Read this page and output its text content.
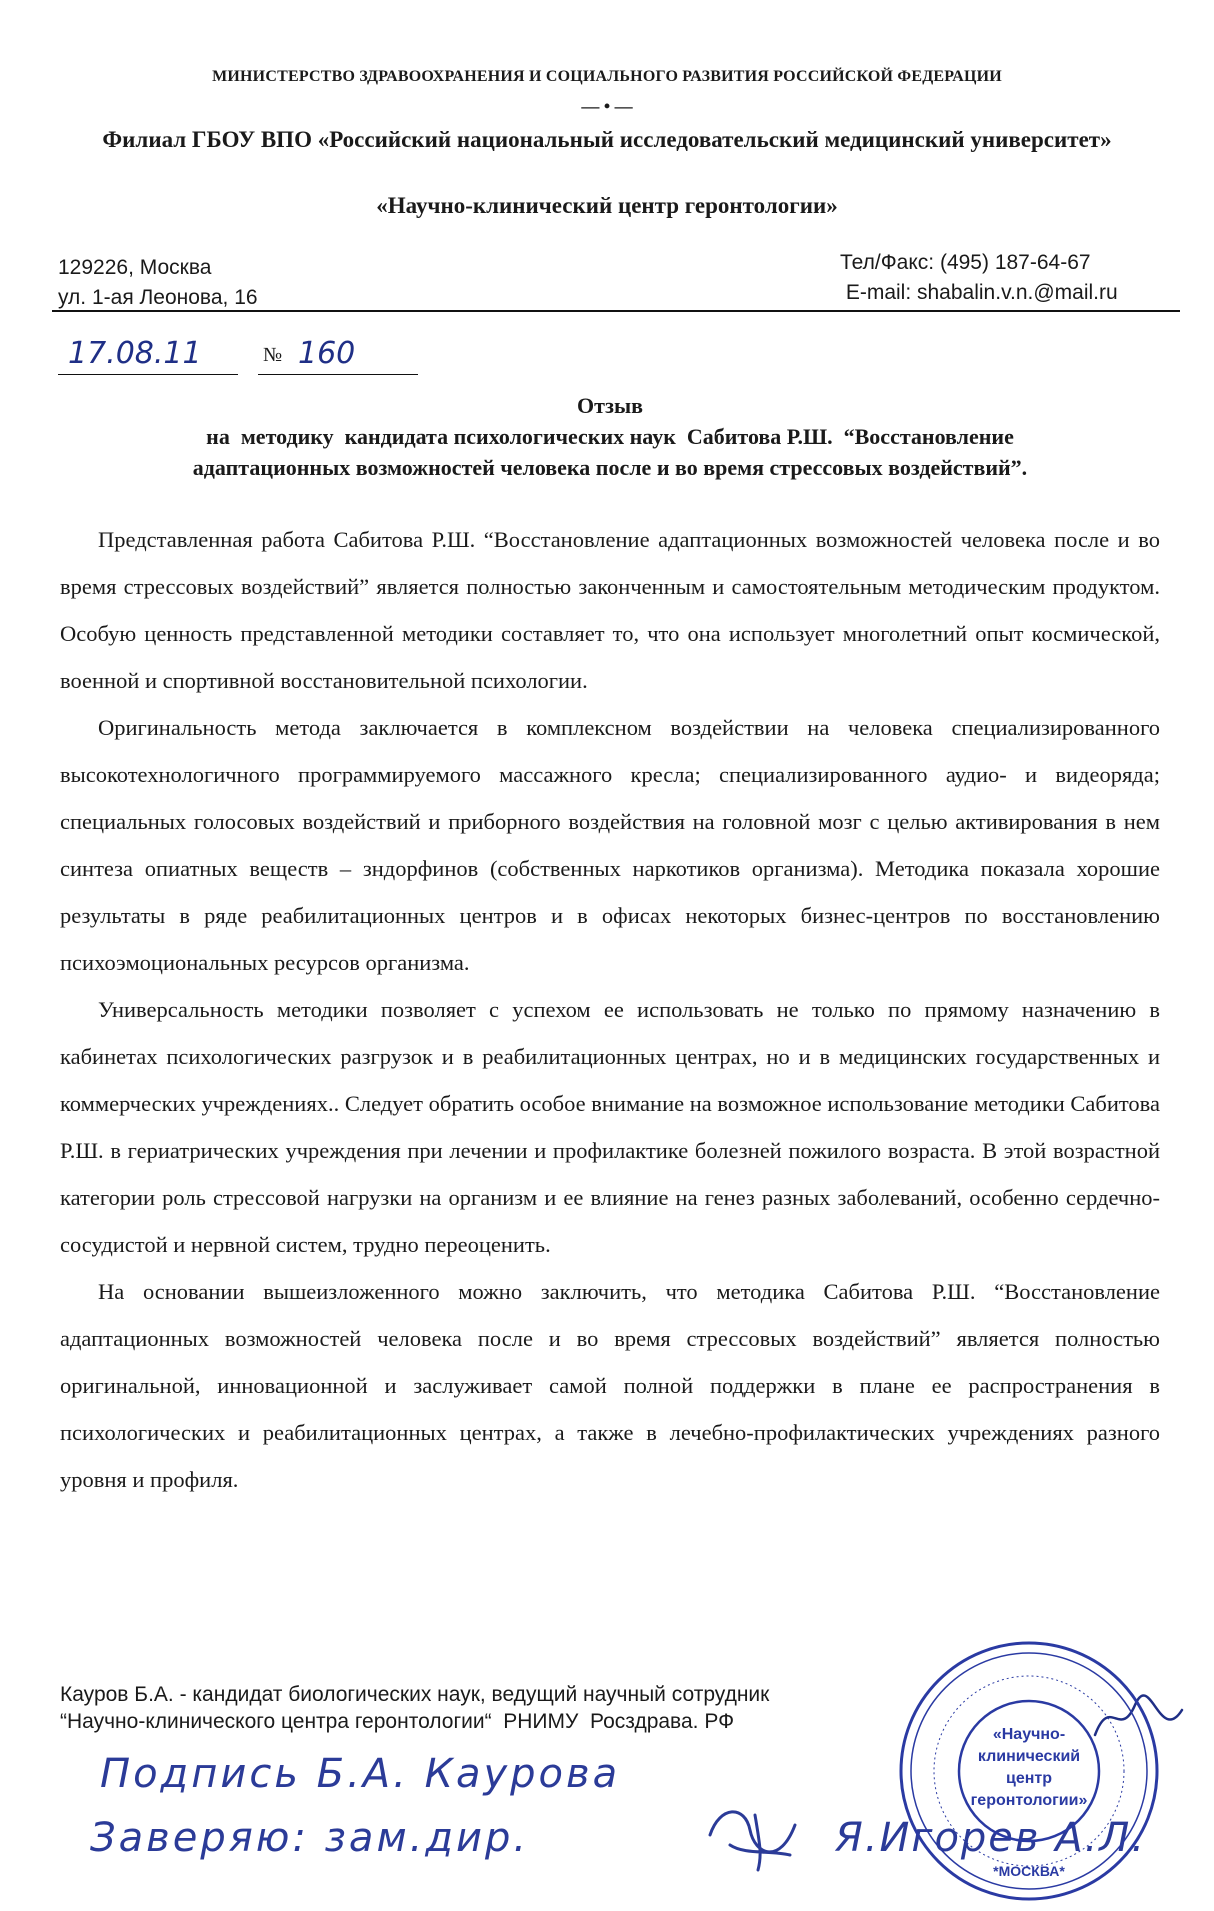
МИНИСТЕРСТВО ЗДРАВООХРАНЕНИЯ И СОЦИАЛЬНОГО РАЗВИТИЯ РОССИЙСКОЙ ФЕДЕРАЦИИ
— • —
Филиал ГБОУ ВПО «Российский национальный исследовательский медицинский университет»
«Научно-клинический центр геронтологии»
129226, Москва
ул. 1-ая Леонова, 16
Тел/Факс: (495) 187-64-67
E-mail: shabalin.v.n.@mail.ru
17.08.11	№ 160
Отзыв
на  методику  кандидата психологических наук  Сабитова Р.Ш.  “Восстановление
адаптационных возможностей человека после и во время стрессовых воздействий”.

Представленная работа Сабитова Р.Ш. “Восстановление адаптационных возможностей человека после и во время стрессовых воздействий” является полностью законченным и самостоятельным методическим продуктом. Особую ценность представленной методики составляет то, что она использует многолетний опыт космической, военной и спортивной восстановительной психологии.

Оригинальность метода заключается в комплексном воздействии на человека специализированного высокотехнологичного программируемого массажного кресла; специализированного аудио- и видеоряда; специальных голосовых воздействий и приборного воздействия на головной мозг с целью активирования в нем синтеза опиатных веществ – зндорфинов (собственных наркотиков организма). Методика показала хорошие результаты в ряде реабилитационных центров и в офисах некоторых бизнес-центров по восстановлению психоэмоциональных ресурсов организма.

Универсальность методики позволяет с успехом ее использовать не только по прямому назначению в кабинетах психологических разгрузок и в реабилитационных центрах, но и в медицинских государственных и коммерческих учреждениях.. Следует обратить особое внимание на возможное использование методики Сабитова Р.Ш. в гериатрических учреждения при лечении и профилактике болезней пожилого возраста. В этой возрастной категории роль стрессовой нагрузки на организм и ее влияние на генез разных заболеваний, особенно сердечно-сосудистой и нервной систем, трудно переоценить.

На основании вышеизложенного можно заключить, что методика Сабитова Р.Ш. “Восстановление адаптационных возможностей человека после и во время стрессовых воздействий” является полностью оригинальной, инновационной и заслуживает самой полной поддержки в плане ее распространения в психологических и реабилитационных центрах, а также в лечебно-профилактических учреждениях разного уровня и профиля.

Кауров Б.А. - кандидат биологических наук, ведущий научный сотрудник
“Научно-клинического центра геронтологии“  РНИМУ  Росздрава. РФ
Подпись Б.А. Каурова
Заверяю: зам.дир.	Я.Игорев А.Л.
*МОСКВА*
«Научно-
клинический
центр
геронтологии»
